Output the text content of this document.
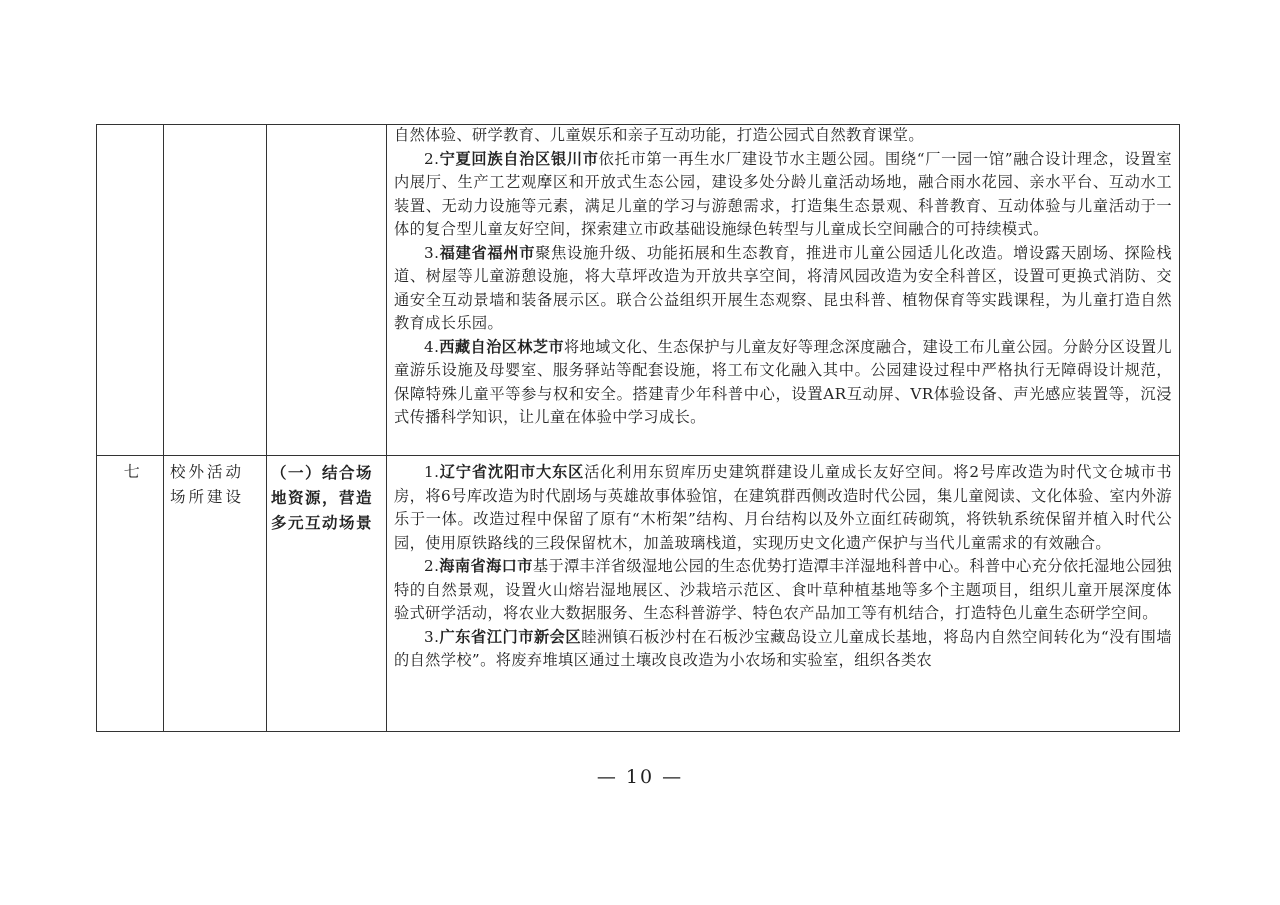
自然体验、研学教育、儿童娱乐和亲子互动功能，打造公园式自然教育课堂。

2.宁夏回族自治区银川市依托市第一再生水厂建设节水主题公园。围绕“厂一园一馆”融合设计理念，设置室内展厅、生产工艺观摩区和开放式生态公园，建设多处分龄儿童活动场地，融合雨水花园、亲水平台、互动水工装置、无动力设施等元素，满足儿童的学习与游憩需求，打造集生态景观、科普教育、互动体验与儿童活动于一体的复合型儿童友好空间，探索建立市政基础设施绿色转型与儿童成长空间融合的可持续模式。

3.福建省福州市聚焦设施升级、功能拓展和生态教育，推进市儿童公园适儿化改造。增设露天剧场、探险栈道、树屋等儿童游憩设施，将大草坪改造为开放共享空间，将清风园改造为安全科普区，设置可更换式消防、交通安全互动景墙和装备展示区。联合公益组织开展生态观察、昆虫科普、植物保育等实践课程，为儿童打造自然教育成长乐园。

4.西藏自治区林芝市将地域文化、生态保护与儿童友好等理念深度融合，建设工布儿童公园。分龄分区设置儿童游乐设施及母婴室、服务驿站等配套设施，将工布文化融入其中。公园建设过程中严格执行无障碍设计规范，保障特殊儿童平等参与权和安全。搭建青少年科普中心，设置AR互动屏、VR体验设备、声光感应装置等，沉浸式传播科学知识，让儿童在体验中学习成长。

七	校外活动场所建设
（一）结合场地资源，营造多元互动场景

1.辽宁省沈阳市大东区活化利用东贸库历史建筑群建设儿童成长友好空间。将2号库改造为时代文仓城市书房，将6号库改造为时代剧场与英雄故事体验馆，在建筑群西侧改造时代公园，集儿童阅读、文化体验、室内外游乐于一体。改造过程中保留了原有“木桁架”结构、月台结构以及外立面红砖砌筑，将铁轨系统保留并植入时代公园，使用原铁路线的三段保留枕木，加盖玻璃栈道，实现历史文化遗产保护与当代儿童需求的有效融合。

2.海南省海口市基于潭丰洋省级湿地公园的生态优势打造潭丰洋湿地科普中心。科普中心充分依托湿地公园独特的自然景观，设置火山熔岩湿地展区、沙栽培示范区、食叶草种植基地等多个主题项目，组织儿童开展深度体验式研学活动，将农业大数据服务、生态科普游学、特色农产品加工等有机结合，打造特色儿童生态研学空间。

3.广东省江门市新会区睦洲镇石板沙村在石板沙宝藏岛设立儿童成长基地，将岛内自然空间转化为“没有围墙的自然学校”。将废弃堆填区通过土壤改良改造为小农场和实验室，组织各类农

— 10 —
